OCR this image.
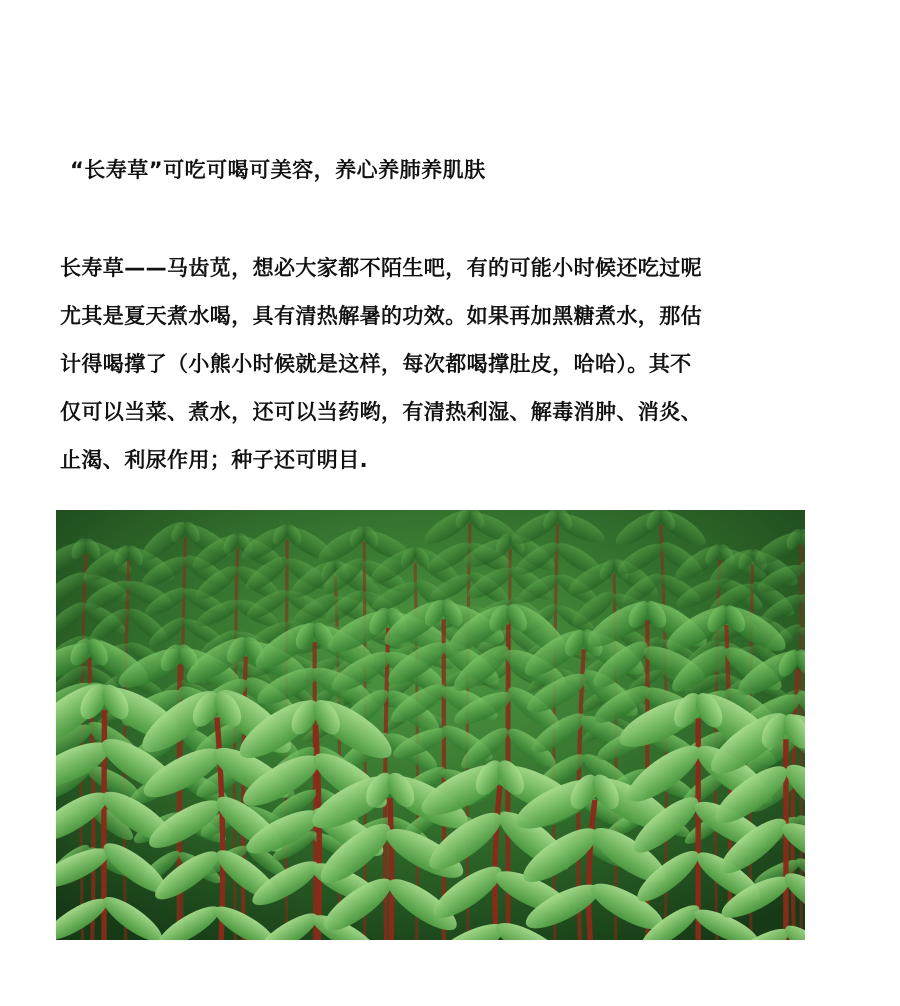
“长寿草”可吃可喝可美容，养心养肺养肌肤
长寿草——马齿苋，想必大家都不陌生吧，有的可能小时候还吃过呢
尤其是夏天煮水喝，具有清热解暑的功效。如果再加黑糖煮水，那估
计得喝撑了（小熊小时候就是这样，每次都喝撑肚皮，哈哈）。其不
仅可以当菜、煮水，还可以当药哟，有清热利湿、解毒消肿、消炎、
止渴、利尿作用；种子还可明目.
